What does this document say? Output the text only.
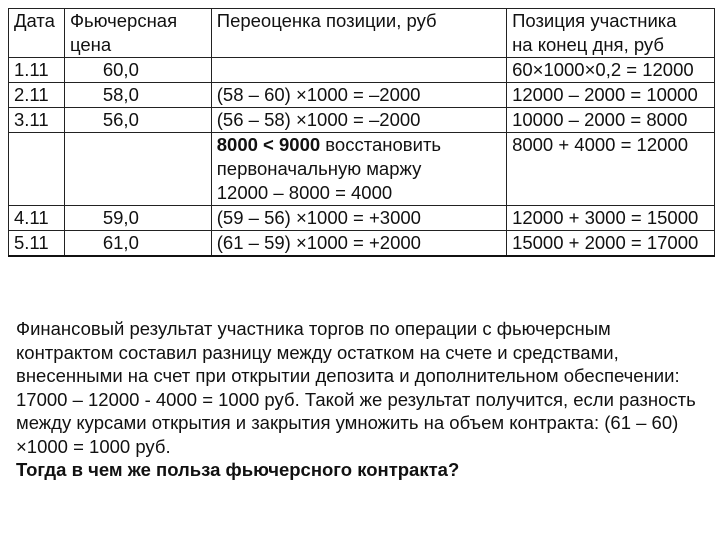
Дата	Фьючерсная цена	Переоценка позиции, руб	Позиция участника на конец дня, руб

1.11	60,0		60×1000×0,2 = 12000
2.11	58,0	(58 – 60) ×1000 = –2000	12000 – 2000 = 10000
3.11	56,0	(56 – 58) ×1000 = –2000	10000 – 2000 = 8000

		8000 < 9000 восстановить
первоначальную маржу
12000 – 8000 = 4000	8000 + 4000 = 12000
4.11	59,0	(59 – 56) ×1000 = +3000	12000 + 3000 = 15000
5.11	61,0	(61 – 59) ×1000 = +2000	15000 + 2000 = 17000

Финансовый результат участника торгов по операции с фьючерсным контрактом составил разницу между остатком на счете и средствами, внесенными на счет при открытии депозита и дополнительном обеспечении: 17000 – 12000 - 4000 = 1000 руб. Такой же результат получится, если разность между курсами открытия и закрытия умножить на объем контракта: (61 – 60) ×1000 = 1000 руб.

Тогда в чем же польза фьючерсного контракта?
